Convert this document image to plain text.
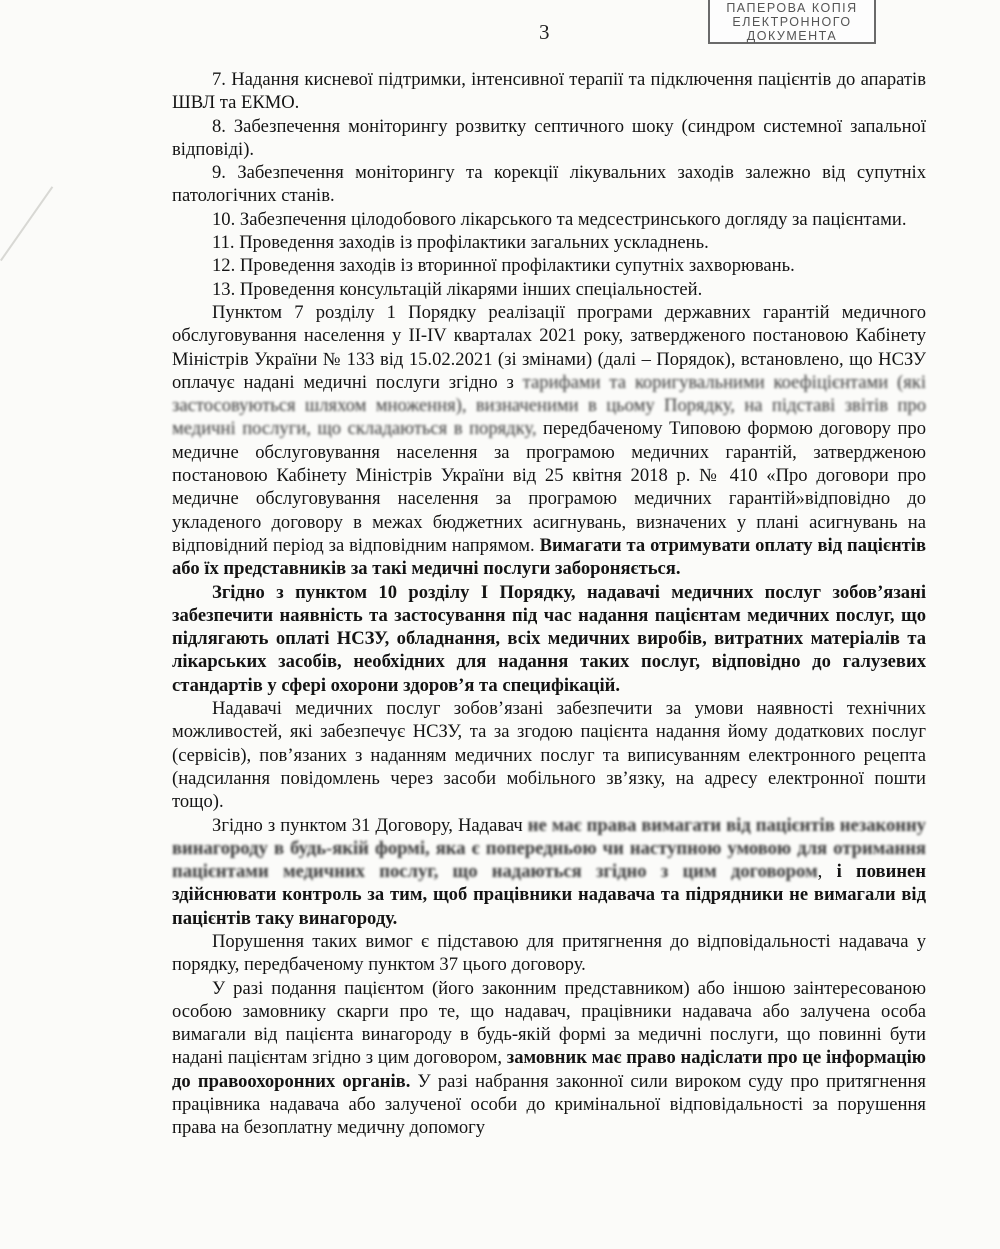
3
ПАПЕРОВА КОПІЯ
ЕЛЕКТРОННОГО
ДОКУМЕНТА

7. Надання кисневої підтримки, інтенсивної терапії та підключення пацієнтів до апаратів ШВЛ та ЕКМО.

8. Забезпечення моніторингу розвитку септичного шоку (синдром системної запальної відповіді).

9. Забезпечення моніторингу та корекції лікувальних заходів залежно від супутніх патологічних станів.

10. Забезпечення цілодобового лікарського та медсестринського догляду за пацієнтами.

11. Проведення заходів із профілактики загальних ускладнень.

12. Проведення заходів із вторинної профілактики супутніх захворювань.

13. Проведення консультацій лікарями інших спеціальностей.

Пунктом 7 розділу 1 Порядку реалізації програми державних гарантій медичного обслуговування населення у ІІ-IV кварталах 2021 року, затвердженого постановою Кабінету Міністрів України № 133 від 15.02.2021 (зі змінами) (далі – Порядок), встановлено, що НСЗУ оплачує надані медичні послуги згідно з тарифами та коригувальними коефіцієнтами (які застосовуються шляхом множення), визначеними в цьому Порядку, на підставі звітів про медичні послуги, що складаються в порядку, передбаченому Типовою формою договору про медичне обслуговування населення за програмою медичних гарантій, затвердженою постановою Кабінету Міністрів України від 25 квітня 2018 р. № 410 «Про договори про медичне обслуговування населення за програмою медичних гарантій»відповідно до укладеного договору в межах бюджетних асигнувань, визначених у плані асигнувань на відповідний період за відповідним напрямом. Вимагати та отримувати оплату від пацієнтів або їх представників за такі медичні послуги забороняється.

Згідно з пунктом 10 розділу І Порядку, надавачі медичних послуг зобов’язані забезпечити наявність та застосування під час надання пацієнтам медичних послуг, що підлягають оплаті НСЗУ, обладнання, всіх медичних виробів, витратних матеріалів та лікарських засобів, необхідних для надання таких послуг, відповідно до галузевих стандартів у сфері охорони здоров’я та специфікацій.

Надавачі медичних послуг зобов’язані забезпечити за умови наявності технічних можливостей, які забезпечує НСЗУ, та за згодою пацієнта надання йому додаткових послуг (сервісів), пов’язаних з наданням медичних послуг та виписуванням електронного рецепта (надсилання повідомлень через засоби мобільного зв’язку, на адресу електронної пошти тощо).

Згідно з пунктом 31 Договору, Надавач не має права вимагати від пацієнтів незаконну винагороду в будь-якій формі, яка є попередньою чи наступною умовою для отримання пацієнтами медичних послуг, що надаються згідно з цим договором, і повинен здійснювати контроль за тим, щоб працівники надавача та підрядники не вимагали від пацієнтів таку винагороду.

Порушення таких вимог є підставою для притягнення до відповідальності надавача у порядку, передбаченому пунктом 37 цього договору.

У разі подання пацієнтом (його законним представником) або іншою заінтересованою особою замовнику скарги про те, що надавач, працівники надавача або залучена особа вимагали від пацієнта винагороду в будь-якій формі за медичні послуги, що повинні бути надані пацієнтам згідно з цим договором, замовник має право надіслати про це інформацію до правоохоронних органів. У разі набрання законної сили вироком суду про притягнення працівника надавача або залученої особи до кримінальної відповідальності за порушення права на безоплатну медичну допомогу
